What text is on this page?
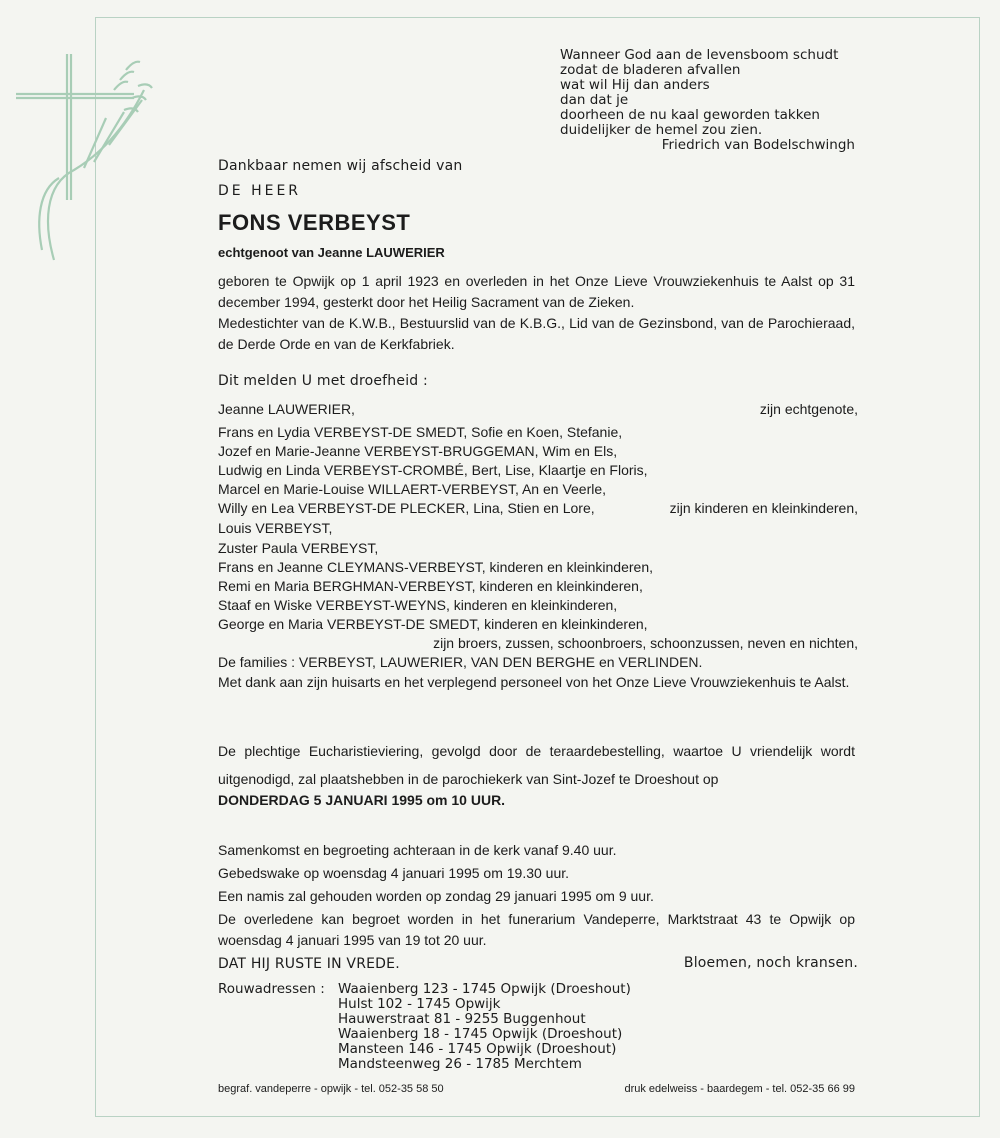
Wanneer God aan de levensboom schudt
zodat de bladeren afvallen
wat wil Hij dan anders
dan dat je
doorheen de nu kaal geworden takken
duidelijker de hemel zou zien.
Friedrich van Bodelschwingh
Dankbaar nemen wij afscheid van
DE HEER
FONS VERBEYST
echtgenoot van Jeanne LAUWERIER
geboren te Opwijk op 1 april 1923 en overleden in het Onze Lieve Vrouwziekenhuis te Aalst op 31 december 1994, gesterkt door het Heilig Sacrament van de Zieken.
Medestichter van de K.W.B., Bestuurslid van de K.B.G., Lid van de Gezinsbond, van de Parochieraad, de Derde Orde en van de Kerkfabriek.
Dit melden U met droefheid :
Jeanne LAUWERIER,	zijn echtgenote,
Frans en Lydia VERBEYST-DE SMEDT, Sofie en Koen, Stefanie,
Jozef en Marie-Jeanne VERBEYST-BRUGGEMAN, Wim en Els,
Ludwig en Linda VERBEYST-CROMBÉ, Bert, Lise, Klaartje en Floris,
Marcel en Marie-Louise WILLAERT-VERBEYST, An en Veerle,
Willy en Lea VERBEYST-DE PLECKER, Lina, Stien en Lore,	zijn kinderen en kleinkinderen,
Louis VERBEYST,
Zuster Paula VERBEYST,
Frans en Jeanne CLEYMANS-VERBEYST, kinderen en kleinkinderen,
Remi en Maria BERGHMAN-VERBEYST, kinderen en kleinkinderen,
Staaf en Wiske VERBEYST-WEYNS, kinderen en kleinkinderen,
George en Maria VERBEYST-DE SMEDT, kinderen en kleinkinderen,
zijn broers, zussen, schoonbroers, schoonzussen, neven en nichten,
De families : VERBEYST, LAUWERIER, VAN DEN BERGHE en VERLINDEN.
Met dank aan zijn huisarts en het verplegend personeel von het Onze Lieve Vrouwziekenhuis te Aalst.
De plechtige Eucharistieviering, gevolgd door de teraardebestelling, waartoe U vriendelijk wordt uitgenodigd, zal plaatshebben in de parochiekerk van Sint-Jozef te Droeshout op
DONDERDAG 5 JANUARI 1995 om 10 UUR.
Samenkomst en begroeting achteraan in de kerk vanaf 9.40 uur.
Gebedswake op woensdag 4 januari 1995 om 19.30 uur.
Een namis zal gehouden worden op zondag 29 januari 1995 om 9 uur.
De overledene kan begroet worden in het funerarium Vandeperre, Marktstraat 43 te Opwijk op woensdag 4 januari 1995 van 19 tot 20 uur.
DAT HIJ RUSTE IN VREDE.	Bloemen, noch kransen.
Rouwadressen : Waaienberg 123 - 1745 Opwijk (Droeshout)
Hulst 102 - 1745 Opwijk
Hauwerstraat 81 - 9255 Buggenhout
Waaienberg 18 - 1745 Opwijk (Droeshout)
Mansteen 146 - 1745 Opwijk (Droeshout)
Mandsteenweg 26 - 1785 Merchtem
begraf. vandeperre - opwijk - tel. 052-35 58 50	druk edelweiss - baardegem - tel. 052-35 66 99
